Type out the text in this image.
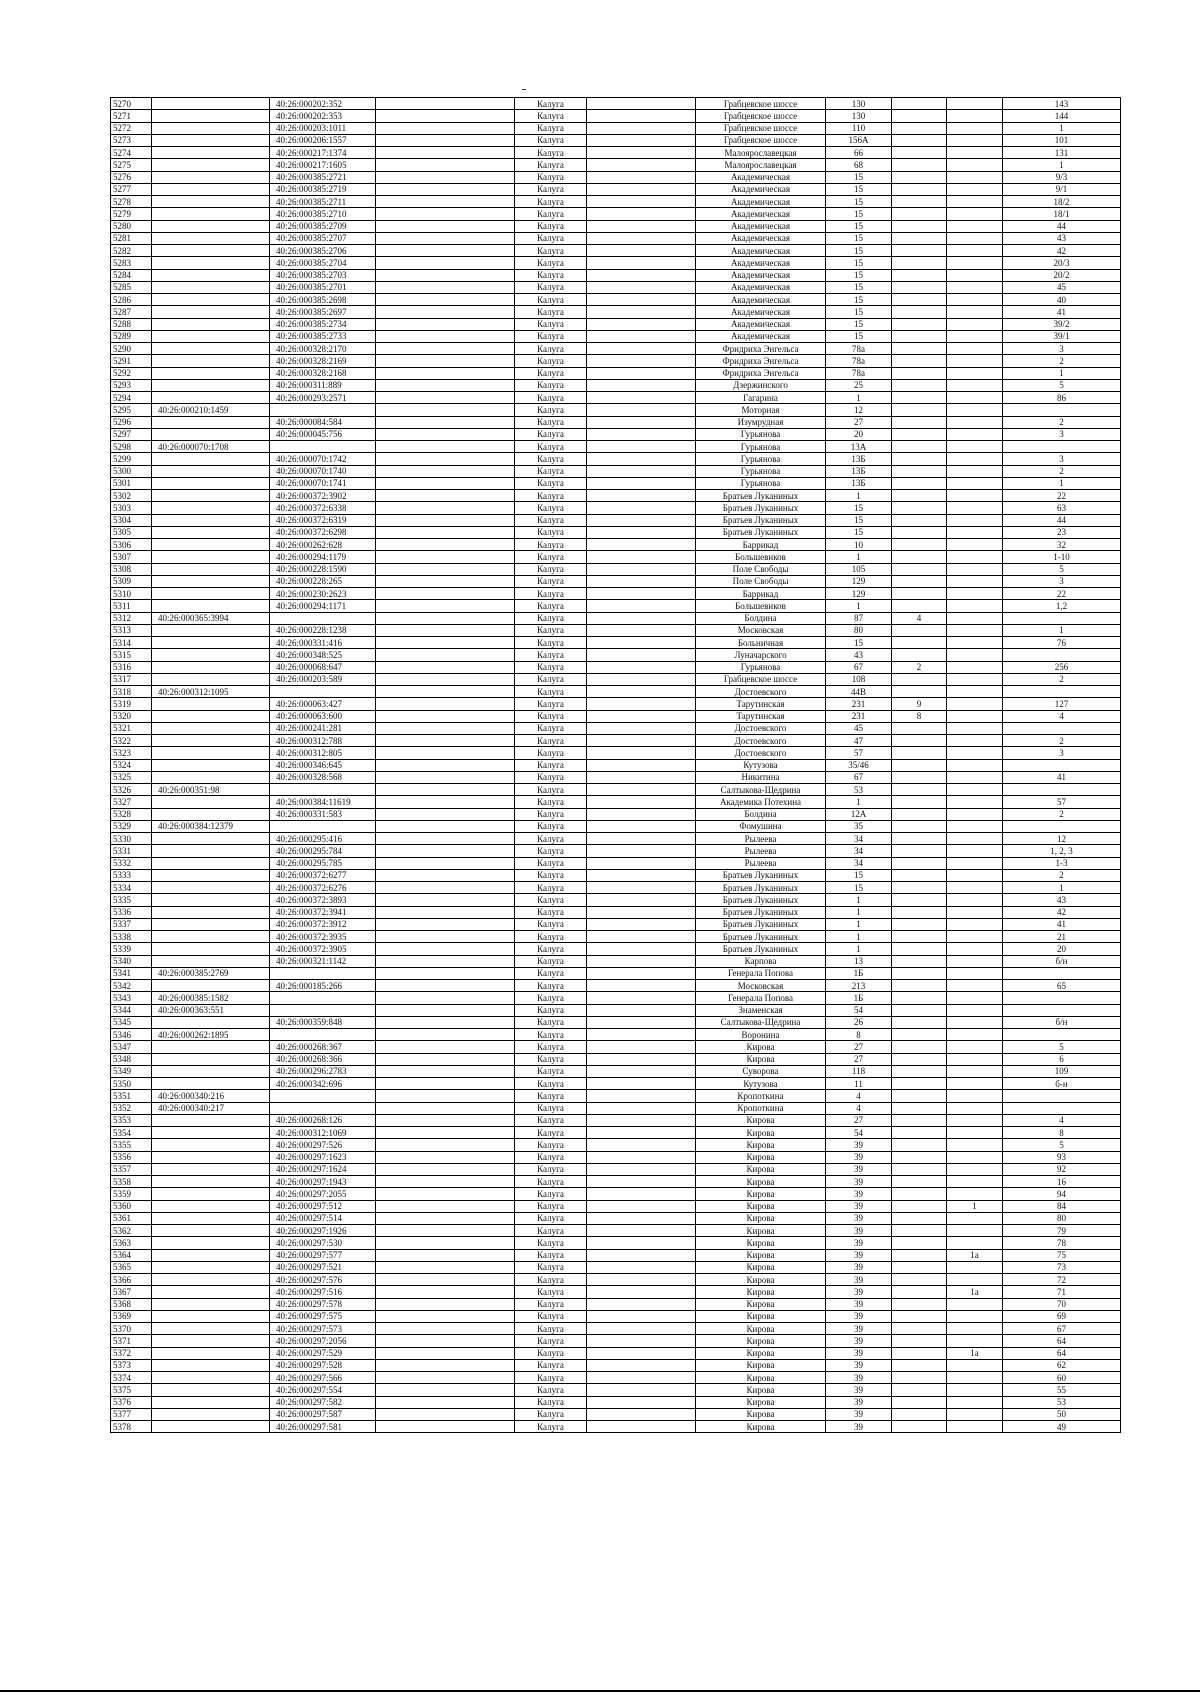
5270		40:26:000202:352		Калуга		Грабцевское шоссе	130			143
5271		40:26:000202:353		Калуга		Грабцевское шоссе	130			144
5272		40:26:000203:1011		Калуга		Грабцевское шоссе	110			1
5273		40:26:000206:1557		Калуга		Грабцевское шоссе	156А			101
5274		40:26:000217:1374		Калуга		Малоярославецкая	66			131
5275		40:26:000217:1605		Калуга		Малоярославецкая	68			1
5276		40:26:000385:2721		Калуга		Академическая	15			9/3
5277		40:26:000385:2719		Калуга		Академическая	15			9/1
5278		40:26:000385:2711		Калуга		Академическая	15			18/2
5279		40:26:000385:2710		Калуга		Академическая	15			18/1
5280		40:26:000385:2709		Калуга		Академическая	15			44
5281		40:26:000385:2707		Калуга		Академическая	15			43
5282		40:26:000385:2706		Калуга		Академическая	15			42
5283		40:26:000385:2704		Калуга		Академическая	15			20/3
5284		40:26:000385:2703		Калуга		Академическая	15			20/2
5285		40:26:000385:2701		Калуга		Академическая	15			45
5286		40:26:000385:2698		Калуга		Академическая	15			40
5287		40:26:000385:2697		Калуга		Академическая	15			41
5288		40:26:000385:2734		Калуга		Академическая	15			39/2
5289		40:26:000385:2733		Калуга		Академическая	15			39/1
5290		40:26:000328:2170		Калуга		Фридриха Энгельса	78а			3
5291		40:26:000328:2169		Калуга		Фридриха Энгельса	78а			2
5292		40:26:000328:2168		Калуга		Фридриха Энгельса	78а			1
5293		40:26:000311:889		Калуга		Дзержинского	25			5
5294		40:26:000293:2571		Калуга		Гагарина	1			86
5295	40:26:000210:1459			Калуга		Моторная	12			
5296		40:26:000084:584		Калуга		Изумрудная	27			2
5297		40:26:000045:756		Калуга		Гурьянова	20			3
5298	40:26:000070:1708			Калуга		Гурьянова	13А			
5299		40:26:000070:1742		Калуга		Гурьянова	13Б			3
5300		40:26:000070:1740		Калуга		Гурьянова	13Б			2
5301		40:26:000070:1741		Калуга		Гурьянова	13Б			1
5302		40:26:000372:3902		Калуга		Братьев Луканиных	1			22
5303		40:26:000372:6338		Калуга		Братьев Луканиных	15			63
5304		40:26:000372:6319		Калуга		Братьев Луканиных	15			44
5305		40:26:000372:6298		Калуга		Братьев Луканиных	15			23
5306		40:26:000262:628		Калуга		Баррикад	10			32
5307		40:26:000294:1179		Калуга		Большевиков	1			1-10
5308		40:26:000228:1590		Калуга		Поле Свободы	105			5
5309		40:26:000228:265		Калуга		Поле Свободы	129			3
5310		40:26:000230:2623		Калуга		Баррикад	129			22
5311		40:26:000294:1171		Калуга		Большевиков	1			1,2
5312	40:26:000365:3994			Калуга		Болдина	87	4		
5313		40:26:000228:1238		Калуга		Московская	80			1
5314		40:26:000331:416		Калуга		Больничная	15			76
5315		40:26:000348:525		Калуга		Луначарского	43			
5316		40:26:000068:647		Калуга		Гурьянова	67	2		256
5317		40:26:000203:589		Калуга		Грабцевское шоссе	108			2
5318	40:26:000312:1095			Калуга		Достоевского	44В			
5319		40:26:000063:427		Калуга		Тарутинская	231	9		127
5320		40:26:000063:600		Калуга		Тарутинская	231	8		4
5321		40:26:000241:281		Калуга		Достоевского	45			
5322		40:26:000312:788		Калуга		Достоевского	47			2
5323		40:26:000312:805		Калуга		Достоевского	57			3
5324		40:26:000346:645		Калуга		Кутузова	35/46			
5325		40:26:000328:568		Калуга		Никитина	67			41
5326	40:26:000351:98			Калуга		Салтыкова-Щедрина	53			
5327		40:26:000384:11619		Калуга		Академика Потехина	1			57
5328		40:26:000331:583		Калуга		Болдина	12А			2
5329	40:26:000384:12379			Калуга		Фомушина	35			
5330		40:26:000295:416		Калуга		Рылеева	34			12
5331		40:26:000295:784		Калуга		Рылеева	34			1, 2, 3
5332		40:26:000295:785		Калуга		Рылеева	34			1-3
5333		40:26:000372:6277		Калуга		Братьев Луканиных	15			2
5334		40:26:000372:6276		Калуга		Братьев Луканиных	15			1
5335		40:26:000372:3893		Калуга		Братьев Луканиных	1			43
5336		40:26:000372:3941		Калуга		Братьев Луканиных	1			42
5337		40:26:000372:3912		Калуга		Братьев Луканиных	1			41
5338		40:26:000372:3935		Калуга		Братьев Луканиных	1			21
5339		40:26:000372:3905		Калуга		Братьев Луканиных	1			20
5340		40:26:000321:1142		Калуга		Карпова	13			б/н
5341	40:26:000385:2769			Калуга		Генерала Попова	1Б			
5342		40:26:000185:266		Калуга		Московская	213			65
5343	40:26:000385:1582			Калуга		Генерала Попова	1Б			
5344	40:26:000363:551			Калуга		Знаменская	54			
5345		40:26:000359:848		Калуга		Салтыкова-Щедрина	26			б/н
5346	40:26:000262:1895			Калуга		Воронина	8			
5347		40:26:000268:367		Калуга		Кирова	27			5
5348		40:26:000268:366		Калуга		Кирова	27			6
5349		40:26:000296:2783		Калуга		Суворова	118			109
5350		40:26:000342:696		Калуга		Кутузова	11			б-н
5351	40:26:000340:216			Калуга		Кропоткина	4			
5352	40:26:000340:217			Калуга		Кропоткина	4			
5353		40:26:000268:126		Калуга		Кирова	27			4
5354		40:26:000312:1069		Калуга		Кирова	54			8
5355		40:26:000297:526		Калуга		Кирова	39			5
5356		40:26:000297:1623		Калуга		Кирова	39			93
5357		40:26:000297:1624		Калуга		Кирова	39			92
5358		40:26:000297:1943		Калуга		Кирова	39			16
5359		40:26:000297:2055		Калуга		Кирова	39			94
5360		40:26:000297:512		Калуга		Кирова	39		1	84
5361		40:26:000297:514		Калуга		Кирова	39			80
5362		40:26:000297:1926		Калуга		Кирова	39			79
5363		40:26:000297:530		Калуга		Кирова	39			78
5364		40:26:000297:577		Калуга		Кирова	39		1а	75
5365		40:26:000297:521		Калуга		Кирова	39			73
5366		40:26:000297:576		Калуга		Кирова	39			72
5367		40:26:000297:516		Калуга		Кирова	39		1а	71
5368		40:26:000297:578		Калуга		Кирова	39			70
5369		40:26:000297:575		Калуга		Кирова	39			69
5370		40:26:000297:573		Калуга		Кирова	39			67
5371		40:26:000297:2056		Калуга		Кирова	39			64
5372		40:26:000297:529		Калуга		Кирова	39		1а	64
5373		40:26:000297:528		Калуга		Кирова	39			62
5374		40:26:000297:566		Калуга		Кирова	39			60
5375		40:26:000297:554		Калуга		Кирова	39			55
5376		40:26:000297:582		Калуга		Кирова	39			53
5377		40:26:000297:587		Калуга		Кирова	39			50
5378		40:26:000297:581		Калуга		Кирова	39			49
